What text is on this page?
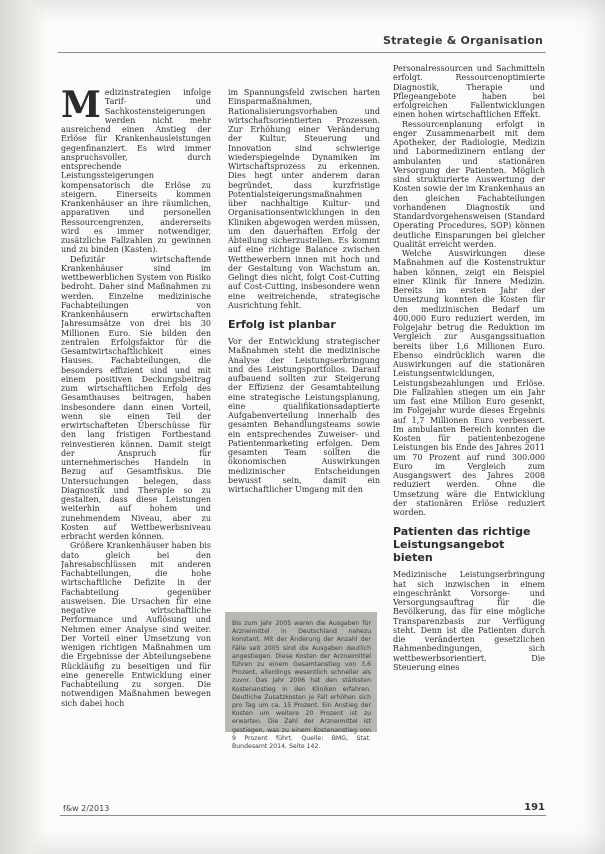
Strategie & Organisation

Medizinstrategien infolge Tarif- und Sachkostensteigerungen werden nicht mehr ausreichend einen Anstieg der Erlöse für Krankenhausleistungen gegenfinanziert. Es wird immer anspruchsvoller, durch entsprechende Leistungssteigerungen kompensatorisch die Erlöse zu steigern. Einerseits kommen Krankenhäuser an ihre räumlichen, apparativen und personellen Ressourcengrenzen, andererseits wird es immer notwendiger, zusätzliche Fallzahlen zu gewinnen und zu binden (Kasten).

Defizitär wirtschaftende Krankenhäuser sind im wettbewerblichen System von Risiko bedroht. Daher sind Maßnahmen zu werden. Einzelne medizinische Fachabteilungen von Krankenhäusern erwirtschaften Jahresumsätze von drei bis 30 Millionen Euro. Sie bilden den zentralen Erfolgsfaktor für die Gesamtwirtschaftlichkeit eines Hauses. Fachabteilungen, die besonders effizient sind und mit einem positiven Deckungsbeitrag zum wirtschaftlichen Erfolg des Gesamthauses beitragen, haben insbesondere dann einen Vorteil, wenn sie einen Teil der erwirtschafteten Überschüsse für den lang fristigen Fortbestand reinvestieren können. Damit steigt der Anspruch für unternehmerisches Handeln in Bezug auf Gesamtfiskus. Die Untersuchungen belegen, dass Diagnostik und Therapie so zu gestalten, dass diese Leistungen weiterhin auf hohem und zunehmendem Niveau, aber zu Kosten auf Wettbewerbsniveau erbracht werden können.

Größere Krankenhäuser haben bis dato gleich bei den Jahresabschlüssen mit anderen Fachabteilungen, die hohe wirtschaftliche Defizite in der Fachabteilung gegenüber ausweisen. Die Ursachen für eine negative wirtschaftliche Performance und Auflösung und Nehmen einer Analyse sind weiter. Der Vorteil einer Umsetzung von wenigen richtigen Maßnahmen um die Ergebnisse der Abteilungsebene Rückläufig zu beseitigen und für eine generelle Entwicklung einer Fachabteilung zu sorgen. Die notwendigen Maßnahmen bewegen sich dabei hoch

im Spannungsfeld zwischen harten Einsparmaßnahmen, Rationalisierungsvorhaben und wirtschaftsorientierten Prozessen. Zur Erhöhung einer Veränderung der Kultur, Steuerung und Innovation sind schwierige wiederspiegelnde Dynamiken im Wirtschaftsprozess zu erkennen. Dies hegt unter anderem daran begründet, dass kurzfristige Potentialsteigerungsmaßnahmen über nachhaltige Kultur- und Organisationsentwicklungen in den Kliniken abgewogen werden müssen, um den dauerhaften Erfolg der Abteilung sicherzustellen. Es kommt auf eine richtige Balance zwischen Wettbewerbern innen mit hoch und der Gestaltung von Wachstum an. Gelingt dies nicht, folgt Cost-Cutting auf Cost-Cutting, insbesondere wenn eine weitreichende, strategische Ausrichtung fehlt.

Erfolg ist planbar

Vor der Entwicklung strategischer Maßnahmen steht die medizinische Analyse der Leistungserbringung und des Leistungsportfolios. Darauf aufbauend sollten zur Steigerung der Effizienz der Gesamtabteilung eine strategische Leistungsplanung, eine qualifikationsadaptierte Aufgabenverteilung innerhalb des gesamten Behandlungsteams sowie ein entsprechendes Zuweiser- und Patientenmarketing erfolgen. Dem gesamten Team sollten die ökonomischen Auswirkungen medizinischer Entscheidungen bewusst sein, damit ein wirtschaftlicher Umgang mit den

Bis zum Jahr 2005 waren die Ausgaben für Arzneimittel in Deutschland nahezu konstant. Mit der Änderung der Anzahl der Fälle seit 2005 sind die Ausgaben deutlich angestiegen. Diese Kosten der Arzneimittel führen zu einem Gesamtanstieg von 3,6 Prozent, allerdings wesentlich schneller als zuvor. Das Jahr 2006 hat den stärksten Kostenanstieg in den Kliniken erfahren. Deutliche Zusatzkosten je Fall erhöhen sich pro Tag um ca. 15 Prozent. Ein Anstieg der Kosten um weitere 20 Prozent ist zu erwarten. Die Zahl der Arzneimittel ist gestiegen, was zu einem Kostenanstieg von 9 Prozent führt. Quelle: BMG, Stat. Bundesamt 2014, Seite 142.

Personalressourcen und Sachmitteln erfolgt. Ressourcenoptimierte Diagnostik, Therapie und Pflegeangebote haben bei erfolgreichen Fallentwicklungen einen hohen wirtschaftlichen Effekt.

Ressourcenplanung erfolgt in enger Zusammenarbeit mit dem Apotheker, der Radiologie, Medizin und Labormedizinern entlang der ambulanten und stationären Versorgung der Patienten. Möglich sind strukturierte Auswertung der Kosten sowie der im Krankenhaus an den gleichen Fachabteilungen vorhandenen Diagnostik und Standardvorgehensweisen (Standard Operating Procedures, SOP) können deutliche Einsparungen bei gleicher Qualität erreicht werden.

Welche Auswirkungen diese Maßnahmen auf die Kostenstruktur haben können, zeigt ein Beispiel einer Klinik für Innere Medizin. Bereits im ersten Jahr der Umsetzung konnten die Kosten für den medizinischen Bedarf um 400.000 Euro reduziert werden, im Folgejahr betrug die Reduktion im Vergleich zur Ausgangssituation bereits über 1,6 Millionen Euro. Ebenso eindrücklich waren die Auswirkungen auf die stationären Leistungsentwicklungen, Leistungsbezahlungen und Erlöse. Die Fallzahlen stiegen um ein Jahr um fast eine Million Euro gesenkt, im Folgejahr wurde dieses Ergebnis auf 1,7 Millionen Euro verbessert. Im ambulanten Bereich konnten die Kosten für patientenbezogene Leistungen bis Ende des Jahres 2011 um 70 Prozent auf rund 300.000 Euro im Vergleich zum Ausgangswert des Jahres 2008 reduziert werden. Ohne die Umsetzung wäre die Entwicklung der stationären Erlöse reduziert worden.

Patienten das richtige Leistungsangebot bieten

Medizinische Leistungserbringung hat sich inzwischen in einem eingeschränkt Vorsorge- und Versorgungsauftrag für die Bevölkerung, das für eine mögliche Transparenzbasis zur Verfügung steht. Denn ist die Patienten durch die veränderten gesetzlichen Rahmenbedingungen, sich wettbewerbsorientiert. Die Steuerung eines

f&w 2/2013	191
